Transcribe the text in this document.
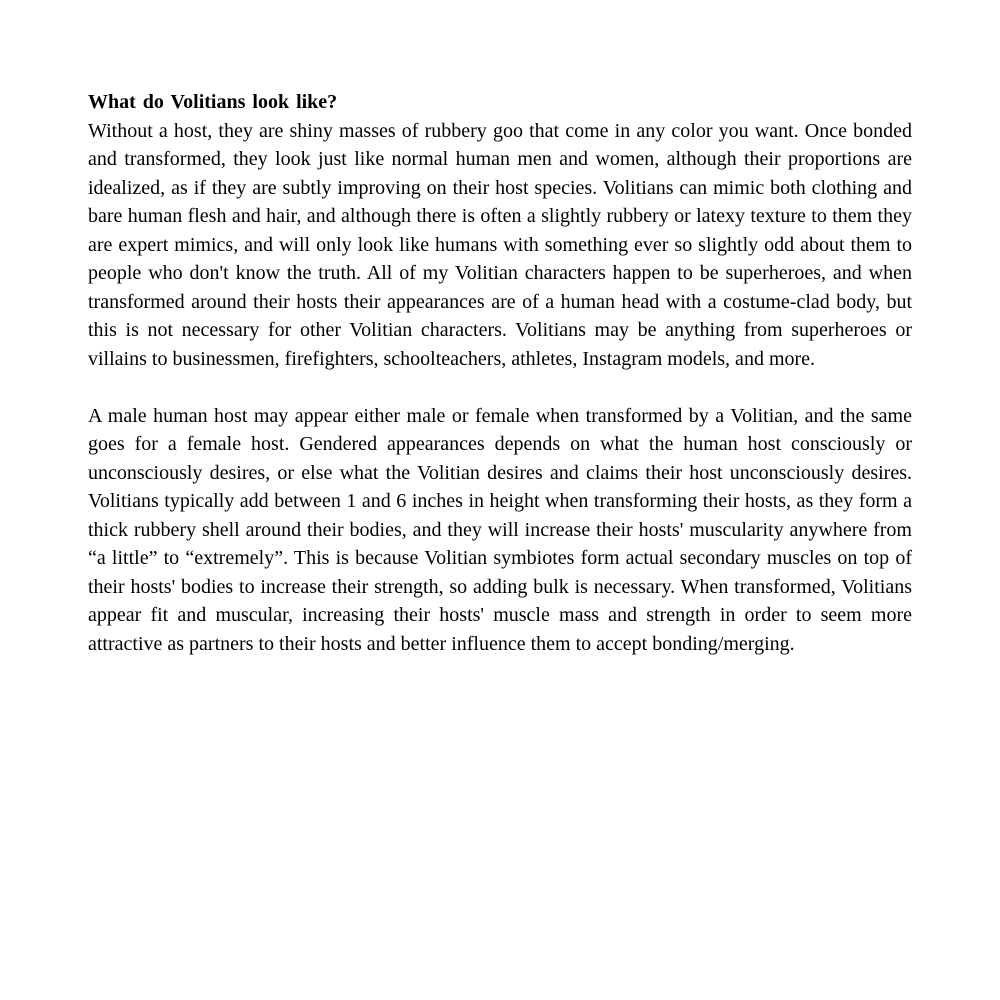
What do Volitians look like?

Without a host, they are shiny masses of rubbery goo that come in any color you want. Once bonded and transformed, they look just like normal human men and women, although their proportions are idealized, as if they are subtly improving on their host species. Volitians can mimic both clothing and bare human flesh and hair, and although there is often a slightly rubbery or latexy texture to them they are expert mimics, and will only look like humans with something ever so slightly odd about them to people who don't know the truth. All of my Volitian characters happen to be superheroes, and when transformed around their hosts their appearances are of a human head with a costume-clad body, but this is not necessary for other Volitian characters. Volitians may be anything from superheroes or villains to businessmen, firefighters, schoolteachers, athletes, Instagram models, and more.

A male human host may appear either male or female when transformed by a Volitian, and the same goes for a female host. Gendered appearances depends on what the human host consciously or unconsciously desires, or else what the Volitian desires and claims their host unconsciously desires. Volitians typically add between 1 and 6 inches in height when transforming their hosts, as they form a thick rubbery shell around their bodies, and they will increase their hosts' muscularity anywhere from “a little” to “extremely”. This is because Volitian symbiotes form actual secondary muscles on top of their hosts' bodies to increase their strength, so adding bulk is necessary. When transformed, Volitians appear fit and muscular, increasing their hosts' muscle mass and strength in order to seem more attractive as partners to their hosts and better influence them to accept bonding/merging.
